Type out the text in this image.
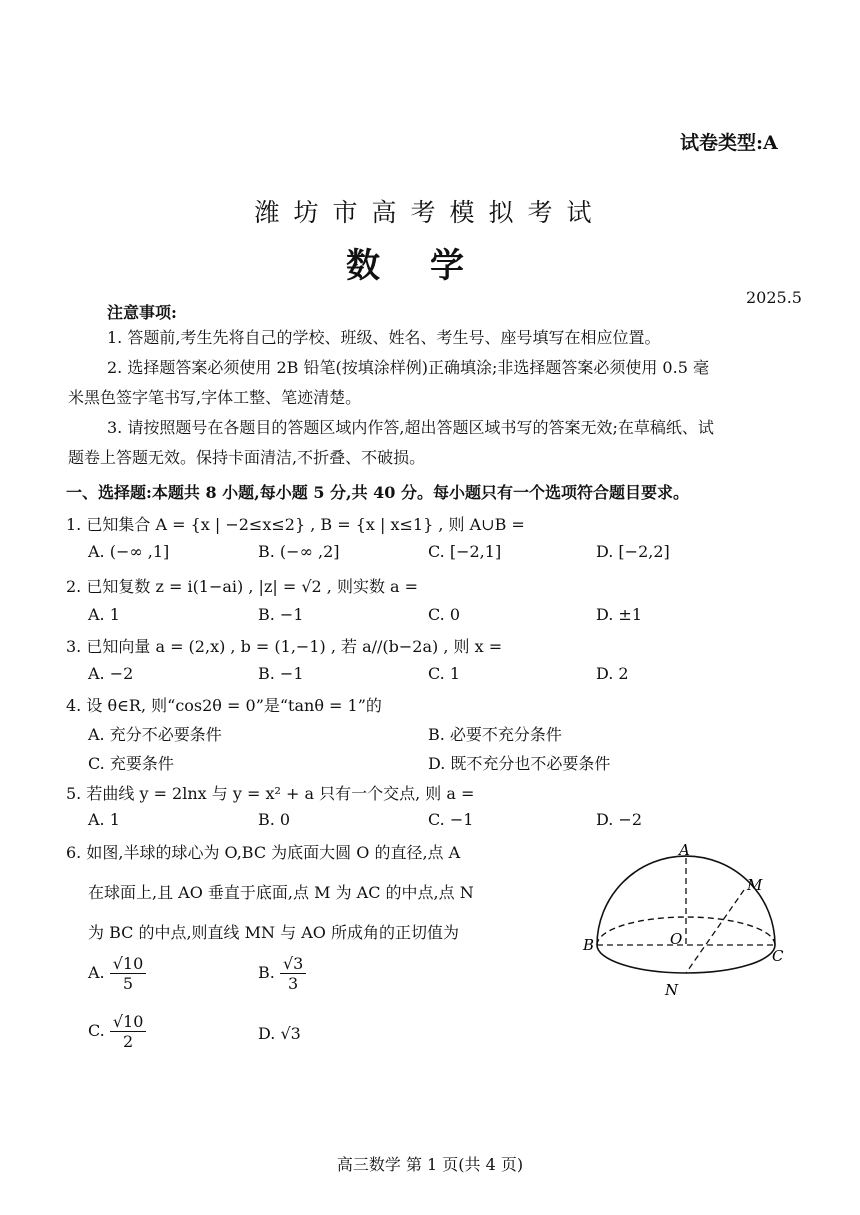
试卷类型:A
潍坊市高考模拟考试
数学
2025.5
注意事项:
1. 答题前,考生先将自己的学校、班级、姓名、考生号、座号填写在相应位置。
2. 选择题答案必须使用 2B 铅笔(按填涂样例)正确填涂;非选择题答案必须使用 0.5 毫
米黑色签字笔书写,字体工整、笔迹清楚。
3. 请按照题号在各题目的答题区域内作答,超出答题区域书写的答案无效;在草稿纸、试
题卷上答题无效。保持卡面清洁,不折叠、不破损。
一、选择题:本题共 8 小题,每小题 5 分,共 40 分。每小题只有一个选项符合题目要求。
1. 已知集合 A = {x | −2≤x≤2} , B = {x | x≤1} , 则 A∪B =
A. (−∞ ,1]	B. (−∞ ,2]	C. [−2,1]	D. [−2,2]
2. 已知复数 z = i(1−ai) , |z| = √2 , 则实数 a =
A. 1	B. −1	C. 0	D. ±1
3. 已知向量 a = (2,x) , b = (1,−1) , 若 a//(b−2a) , 则 x =
A. −2	B. −1	C. 1	D. 2
4. 设 θ∈R, 则“cos2θ = 0”是“tanθ = 1”的
A. 充分不必要条件	B. 必要不充分条件
C. 充要条件	D. 既不充分也不必要条件
5. 若曲线 y = 2lnx 与 y = x² + a 只有一个交点, 则 a =
A. 1	B. 0	C. −1	D. −2
6. 如图,半球的球心为 O,BC 为底面大圆 O 的直径,点 A
在球面上,且 AO 垂直于底面,点 M 为 AC 的中点,点 N
为 BC 的中点,则直线 MN 与 AO 所成角的正切值为
A. $\frac{√10}{5}$	B. $\frac{√3}{3}$
C. $\frac{√10}{2}$	D. √3
A
M
B	O
C
N
高三数学 第 1 页(共 4 页)
